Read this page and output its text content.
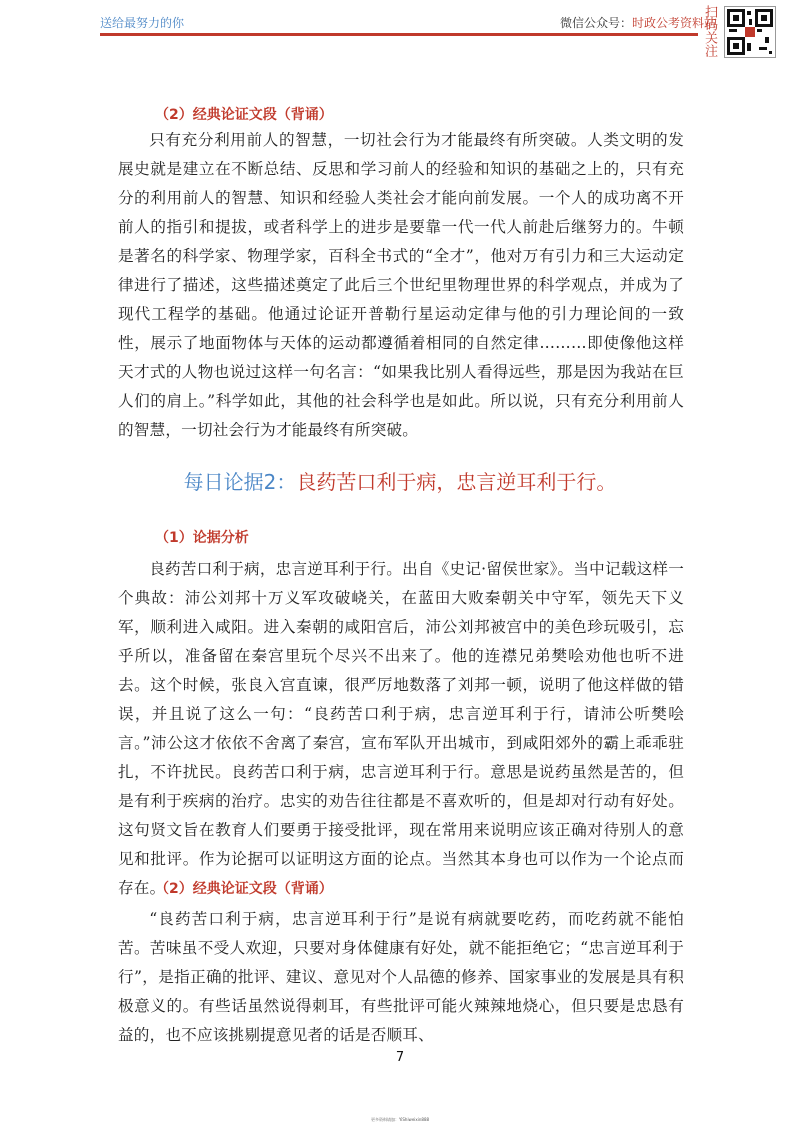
送给最努力的你	微信公众号：时政公考资料站
扫码关注
（2）经典论证文段（背诵）

只有充分利用前人的智慧，一切社会行为才能最终有所突破。人类文明的发展史就是建立在不断总结、反思和学习前人的经验和知识的基础之上的，只有充分的利用前人的智慧、知识和经验人类社会才能向前发展。一个人的成功离不开前人的指引和提拔，或者科学上的进步是要靠一代一代人前赴后继努力的。牛顿是著名的科学家、物理学家，百科全书式的“全才”，他对万有引力和三大运动定律进行了描述，这些描述奠定了此后三个世纪里物理世界的科学观点，并成为了现代工程学的基础。他通过论证开普勒行星运动定律与他的引力理论间的一致性，展示了地面物体与天体的运动都遵循着相同的自然定律………即使像他这样天才式的人物也说过这样一句名言：“如果我比别人看得远些，那是因为我站在巨人们的肩上。”科学如此，其他的社会科学也是如此。所以说，只有充分利用前人的智慧，一切社会行为才能最终有所突破。

每日论据2：良药苦口利于病，忠言逆耳利于行。
（1）论据分析

良药苦口利于病，忠言逆耳利于行。出自《史记·留侯世家》。当中记载这样一个典故：沛公刘邦十万义军攻破峣关，在蓝田大败秦朝关中守军，领先天下义军，顺利进入咸阳。进入秦朝的咸阳宫后，沛公刘邦被宫中的美色珍玩吸引，忘乎所以，准备留在秦宫里玩个尽兴不出来了。他的连襟兄弟樊哙劝他也听不进去。这个时候，张良入宫直谏，很严厉地数落了刘邦一顿，说明了他这样做的错误，并且说了这么一句：“良药苦口利于病，忠言逆耳利于行，请沛公听樊哙言。”沛公这才依依不舍离了秦宫，宣布军队开出城市，到咸阳郊外的霸上乖乖驻扎，不许扰民。良药苦口利于病，忠言逆耳利于行。意思是说药虽然是苦的，但是有利于疾病的治疗。忠实的劝告往往都是不喜欢听的，但是却对行动有好处。这句贤文旨在教育人们要勇于接受批评，现在常用来说明应该正确对待别人的意见和批评。作为论据可以证明这方面的论点。当然其本身也可以作为一个论点而存在。

（2）经典论证文段（背诵）

“良药苦口利于病，忠言逆耳利于行”是说有病就要吃药，而吃药就不能怕苦。苦味虽不受人欢迎，只要对身体健康有好处，就不能拒绝它；“忠言逆耳利于行”，是指正确的批评、建议、意见对个人品德的修养、国家事业的发展是具有积极意义的。有些话虽然说得刺耳，有些批评可能火辣辣地烧心，但只要是忠恳有益的，也不应该挑剔提意见者的话是否顺耳、

7
更多资料请加：YiShiweixin888
